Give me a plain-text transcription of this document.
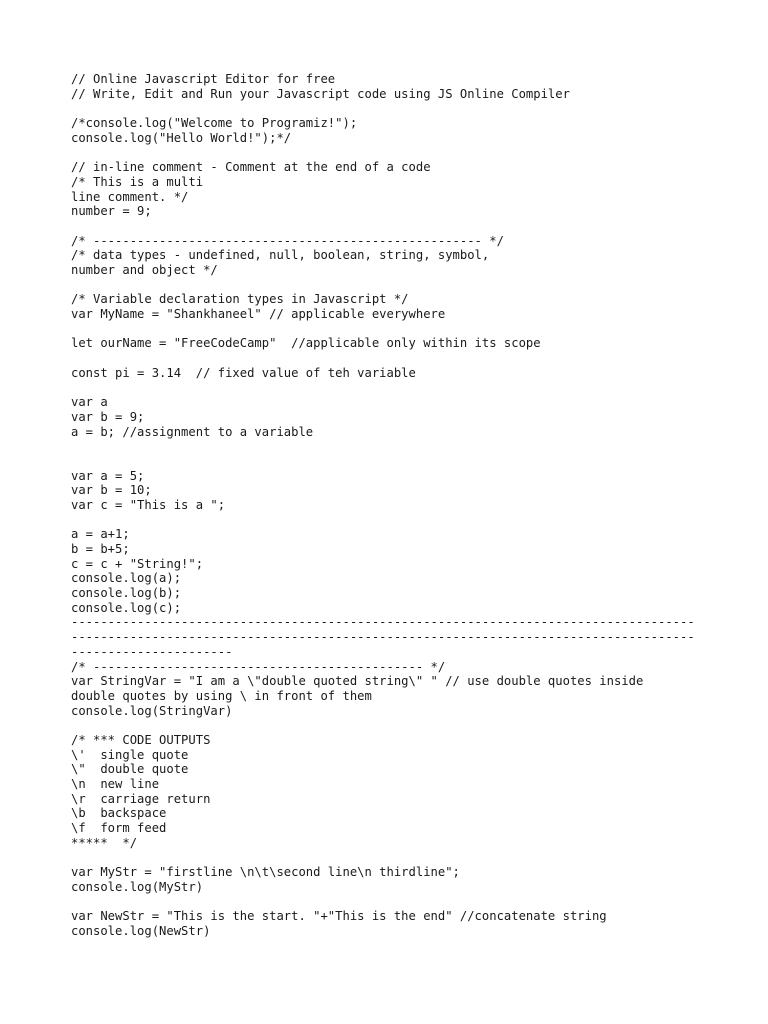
// Online Javascript Editor for free
// Write, Edit and Run your Javascript code using JS Online Compiler
/*console.log("Welcome to Programiz!");
console.log("Hello World!");*/
// in-line comment - Comment at the end of a code
/* This is a multi
line comment. */
number = 9;
/* ----------------------------------------------------- */
/* data types - undefined, null, boolean, string, symbol,
number and object */
/* Variable declaration types in Javascript */
var MyName = "Shankhaneel" // applicable everywhere
let ourName = "FreeCodeCamp"  //applicable only within its scope
const pi = 3.14  // fixed value of teh variable
var a
var b = 9;
a = b; //assignment to a variable
var a = 5;
var b = 10;
var c = "This is a ";
a = a+1;
b = b+5;
c = c + "String!";
console.log(a);
console.log(b);
console.log(c);
-------------------------------------------------------------------------------------
-------------------------------------------------------------------------------------
----------------------
/* --------------------------------------------- */
var StringVar = "I am a \"double quoted string\" " // use double quotes inside
double quotes by using \ in front of them
console.log(StringVar)
/* *** CODE OUTPUTS
\'  single quote
\"  double quote
\n  new line
\r  carriage return
\b  backspace
\f  form feed
*****  */
var MyStr = "firstline \n\t\second line\n thirdline";
console.log(MyStr)
var NewStr = "This is the start. "+"This is the end" //concatenate string
console.log(NewStr)
